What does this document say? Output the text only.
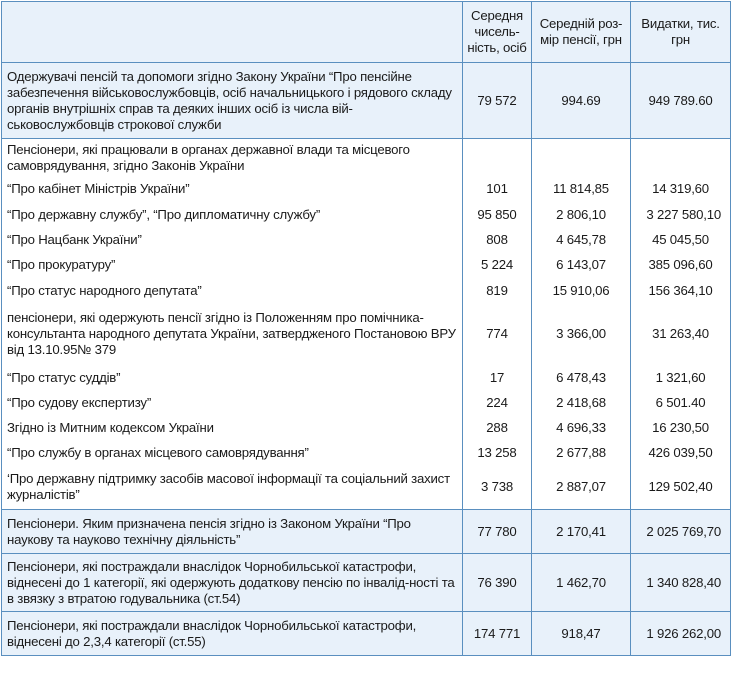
	Середня чисель-ність, осіб	Середній роз-мір пенсії, грн	Видатки, тис. грн
Одержувачі пенсій та допомоги згідно Закону України “Про пенсійне забезпечення військовослужбовців, осіб начальницького і рядового складу органів внутрішніх справ та деяких інших осіб із числа вій-ськовослужбовців строкової служби	79 572	994.69	949 789.60
Пенсіонери, які працювали в органах державної влади та місцевого самоврядування, згідно Законів України			
“Про кабінет Міністрів України”	101	11 814,85	14 319,60
“Про державну службу”, “Про дипломатичну службу”	95 850	2 806,10	3 227 580,10
“Про Нацбанк України”	808	4 645,78	45 045,50
“Про прокуратуру”	5 224	6 143,07	385 096,60
“Про статус народного депутата”	819	15 910,06	156 364,10
пенсіонери, які одержують пенсії згідно із Положенням про помічника-консультанта народного депутата України, затвердженого Постановою ВРУ від 13.10.95№ 379	774	3 366,00	31 263,40
“Про статус суддів”	17	6 478,43	1 321,60
“Про судову експертизу”	224	2 418,68	6 501.40
Згідно із Митним кодексом України	288	4 696,33	16 230,50
“Про службу в органах місцевого самоврядування”	13 258	2 677,88	426 039,50
‘Про державну підтримку засобів масової інформації та соціальний захист журналістів”	3 738	2 887,07	129 502,40
Пенсіонери. Яким призначена пенсія згідно із Законом України “Про наукову та науково технічну діяльність”	77 780	2 170,41	2 025 769,70
Пенсіонери, які постраждали внаслідок Чорнобильської катастрофи, віднесені до 1 категорії, які одержують додаткову пенсію по інвалід-ності та в звязку з втратою годувальника (ст.54)	76 390	1 462,70	1 340 828,40
Пенсіонери, які постраждали внаслідок Чорнобильської катастрофи, віднесені до 2,3,4 категорії (ст.55)	174 771	918,47	1 926 262,00
